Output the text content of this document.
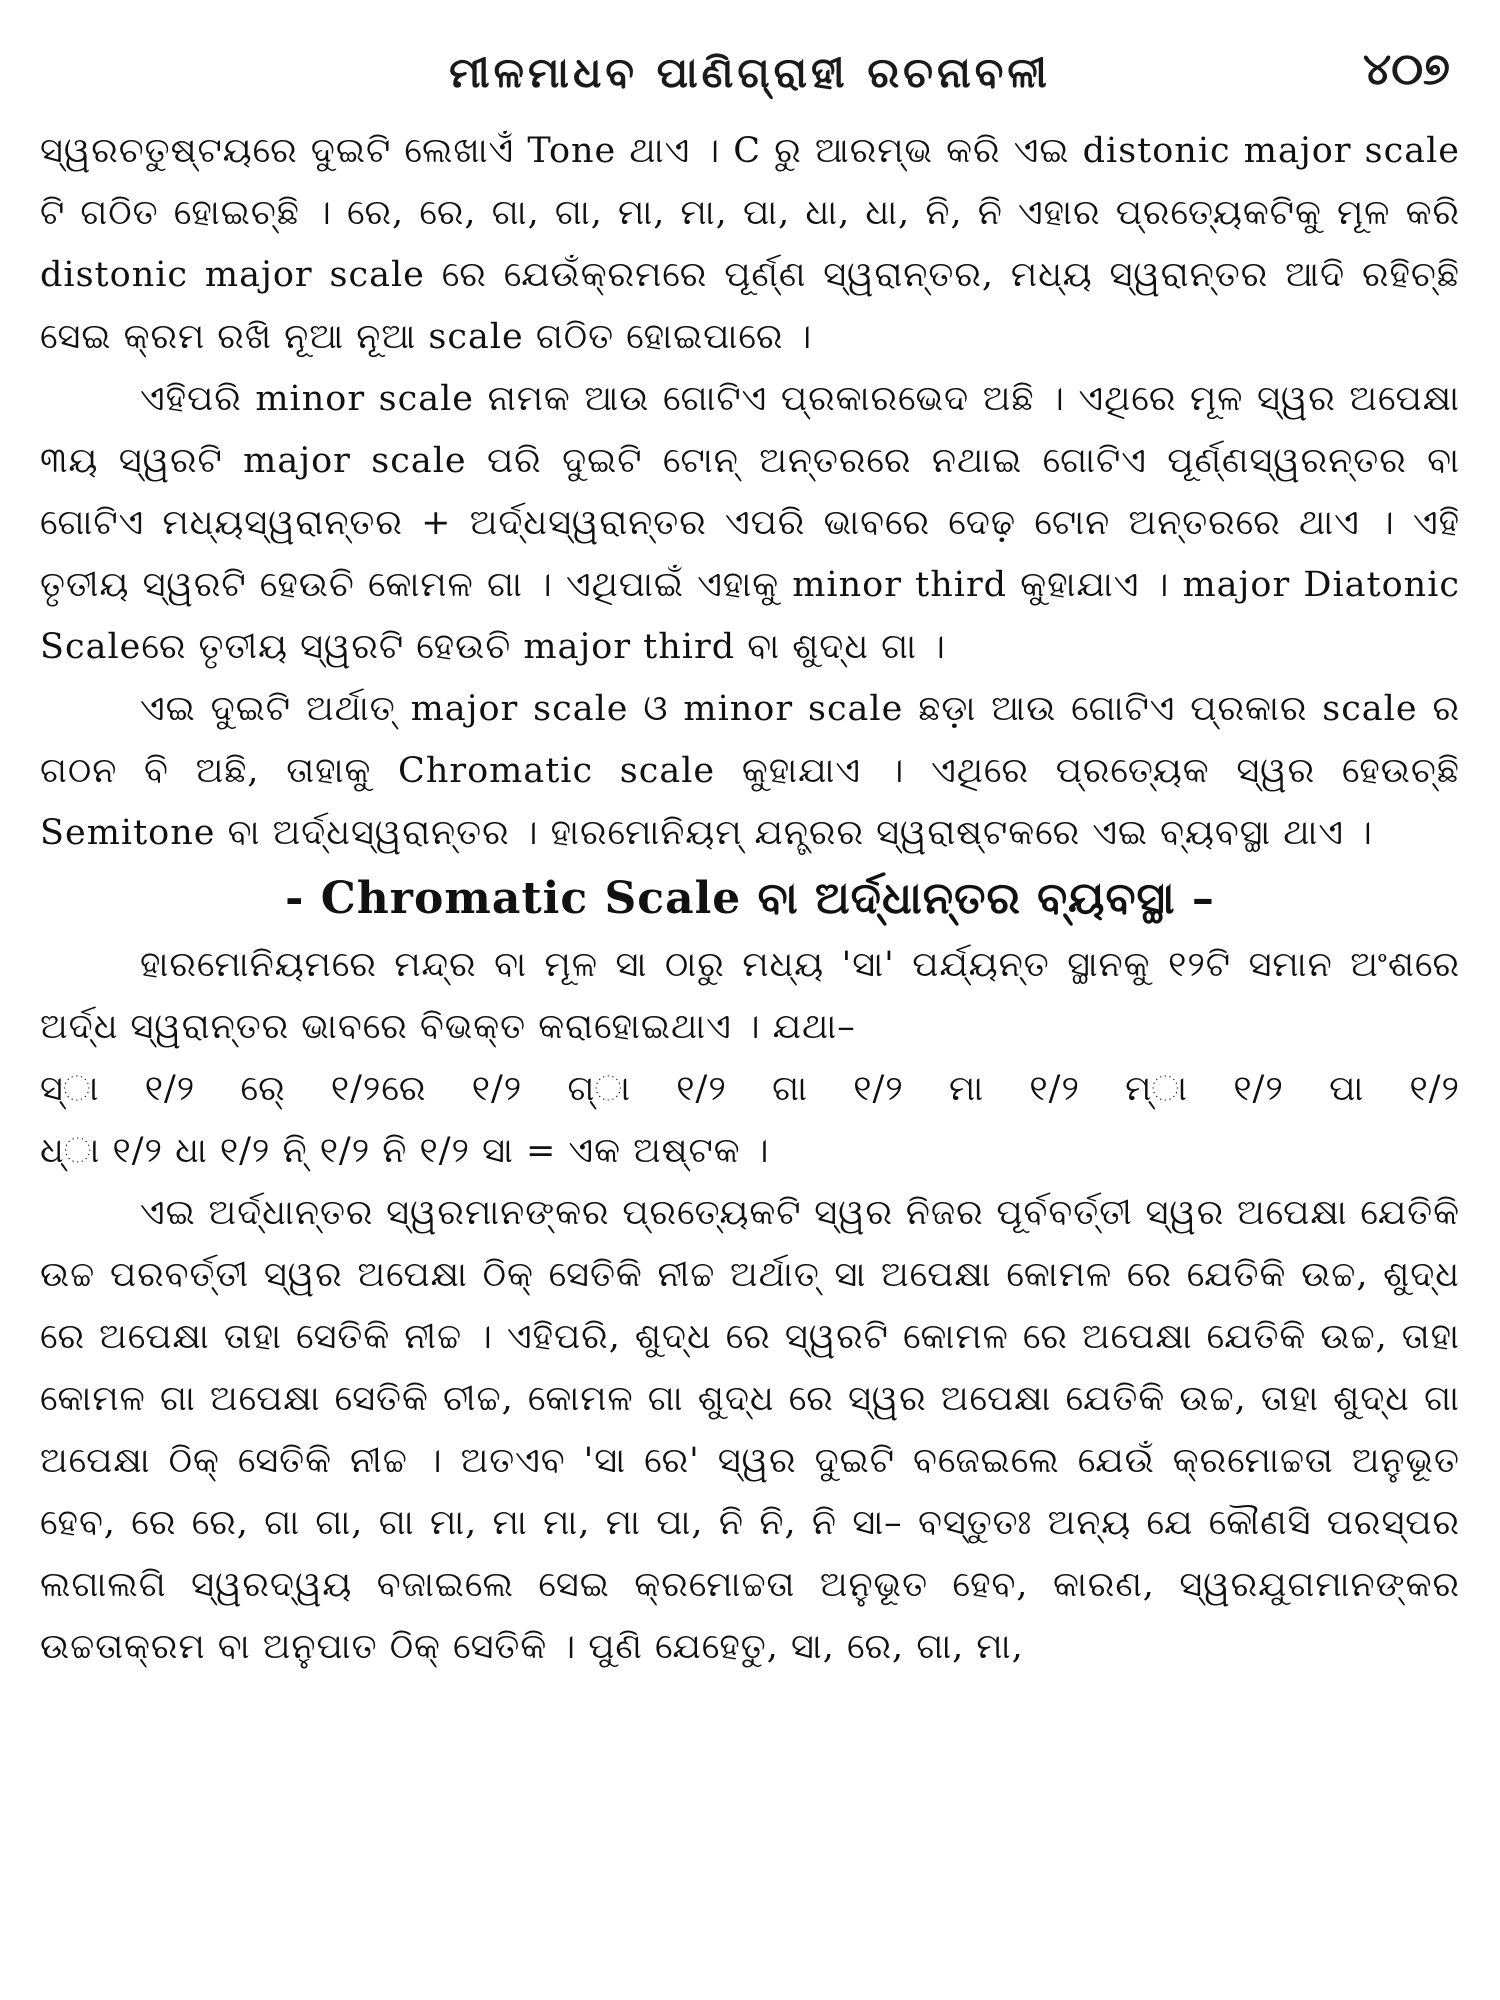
ମୀଳମାଧବ ପାଣିଗ୍ରାହୀ ରଚନାବଳୀ	୪୦୭

ସ୍ୱରଚତୁଷ୍ଟୟରେ ଦୁଇଟି ଲେଖାଏଁ Tone ଥାଏ । C ରୁ ଆରମ୍ଭ କରି ଏଇ distonic major scale ଟି ଗଠିତ ହୋଇଚ୍ଛି । ରେ, ରେ, ଗା, ଗା, ମା, ମା, ପା, ଧା, ଧା, ନି, ନି ଏହାର ପ୍ରତ୍ୟେକଟିକୁ ମୂଳ କରି distonic major scale ରେ ଯେଉଁକ୍ରମରେ ପୂର୍ଣ୍ଣ ସ୍ୱରାନ୍ତର, ମଧ୍ୟ ସ୍ୱରାନ୍ତର ଆଦି ରହିଚ୍ଛି ସେଇ କ୍ରମ ରଖି ନୂଆ ନୂଆ scale ଗଠିତ ହୋଇପାରେ ।

ଏହିପରି minor scale ନାମକ ଆଉ ଗୋଟିଏ ପ୍ରକାରଭେଦ ଅଛି । ଏଥିରେ ମୂଳ ସ୍ୱର ଅପେକ୍ଷା ୩ୟ ସ୍ୱରଟି major scale ପରି ଦୁଇଟି ଟୋନ୍ ଅନ୍ତରରେ ନଥାଇ ଗୋଟିଏ ପୂର୍ଣ୍ଣସ୍ୱରନ୍ତର ବା ଗୋଟିଏ ମଧ୍ୟସ୍ୱରାନ୍ତର + ଅର୍ଦ୍ଧସ୍ୱରାନ୍ତର ଏପରି ଭାବରେ ଦେଢ଼ ଟୋନ ଅନ୍ତରରେ ଥାଏ । ଏହି ତୃତୀୟ ସ୍ୱରଟି ହେଉଚି କୋମଳ ଗା । ଏଥିପାଇଁ ଏହାକୁ minor third କୁହାଯାଏ । major Diatonic Scaleରେ ତୃତୀୟ ସ୍ୱରଟି ହେଉଚି major third ବା ଶୁଦ୍ଧ ଗା ।

ଏଇ ଦୁଇଟି ଅର୍ଥାତ୍ major scale ଓ minor scale ଛଡ଼ା ଆଉ ଗୋଟିଏ ପ୍ରକାର scale ର ଗଠନ ବି ଅଛି, ତାହାକୁ Chromatic scale କୁହାଯାଏ । ଏଥିରେ ପ୍ରତ୍ୟେକ ସ୍ୱର ହେଉଚ୍ଛି Semitone ବା ଅର୍ଦ୍ଧସ୍ୱରାନ୍ତର । ହାରମୋନିୟମ୍ ଯନ୍ତ୍ରର ସ୍ୱରାଷ୍ଟକରେ ଏଇ ବ୍ୟବସ୍ଥା ଥାଏ ।

- Chromatic Scale ବା ଅର୍ଦ୍ଧାନ୍ତର ବ୍ୟବସ୍ଥା –

ହାରମୋନିୟମରେ ମନ୍ଦ୍ର ବା ମୂଳ ସା ଠାରୁ ମଧ୍ୟ 'ସା' ପର୍ଯ୍ୟନ୍ତ ସ୍ଥାନକୁ ୧୨ଟି ସମାନ ଅଂଶରେ ଅର୍ଦ୍ଧ ସ୍ୱରାନ୍ତର ଭାବରେ ବିଭକ୍ତ କରାହୋଇଥାଏ । ଯଥା–

ସ୍ା ୧/୨ ରେ୍ ୧/୨ରେ ୧/୨ ଗ୍ା ୧/୨ ଗା ୧/୨ ମା ୧/୨ ମ୍ା ୧/୨ ପା ୧/୨
ଧ୍ା ୧/୨ ଧା ୧/୨ ନି୍ ୧/୨ ନି ୧/୨ ସା = ଏକ ଅଷ୍ଟକ ।

ଏଇ ଅର୍ଦ୍ଧାନ୍ତର ସ୍ୱରମାନଙ୍କର ପ୍ରତ୍ୟେକଟି ସ୍ୱର ନିଜର ପୂର୍ବବର୍ତ୍ତୀ ସ୍ୱର ଅପେକ୍ଷା ଯେତିକି ଉଚ୍ଚ ପରବର୍ତ୍ତୀ ସ୍ୱର ଅପେକ୍ଷା ଠିକ୍ ସେତିକି ନୀଚ୍ଚ ଅର୍ଥାତ୍ ସା ଅପେକ୍ଷା କୋମଳ ରେ ଯେତିକି ଉଚ୍ଚ, ଶୁଦ୍ଧ ରେ ଅପେକ୍ଷା ତାହା ସେତିକି ନୀଚ୍ଚ । ଏହିପରି, ଶୁଦ୍ଧ ରେ ସ୍ୱରଟି କୋମଳ ରେ ଅପେକ୍ଷା ଯେତିକି ଉଚ୍ଚ, ତାହା କୋମଳ ଗା ଅପେକ୍ଷା ସେତିକି ଚୀଚ୍ଚ, କୋମଳ ଗା ଶୁଦ୍ଧ ରେ ସ୍ୱର ଅପେକ୍ଷା ଯେତିକି ଉଚ୍ଚ, ତାହା ଶୁଦ୍ଧ ଗା ଅପେକ୍ଷା ଠିକ୍ ସେତିକି ନୀଚ୍ଚ । ଅତଏବ 'ସା ରେ' ସ୍ୱର ଦୁଇଟି ବଜେଇଲେ ଯେଉଁ କ୍ରମୋଚ୍ଚତା ଅନୁଭୂତ ହେବ, ରେ ରେ, ଗା ଗା, ଗା ମା, ମା ମା, ମା ପା, ନି ନି, ନି ସା– ବସ୍ତୁତଃ ଅନ୍ୟ ଯେ କୌଣସି ପରସ୍ପର ଲଗାଲଗି ସ୍ୱରଦ୍ୱୟ ବଜାଇଲେ ସେଇ କ୍ରମୋଚ୍ଚତା ଅନୁଭୂତ ହେବ, କାରଣ, ସ୍ୱରଯୁଗମାନଙ୍କର ଉଚ୍ଚତାକ୍ରମ ବା ଅନୁପାତ ଠିକ୍ ସେତିକି । ପୁଣି ଯେହେତୁ, ସା, ରେ, ଗା, ମା,
